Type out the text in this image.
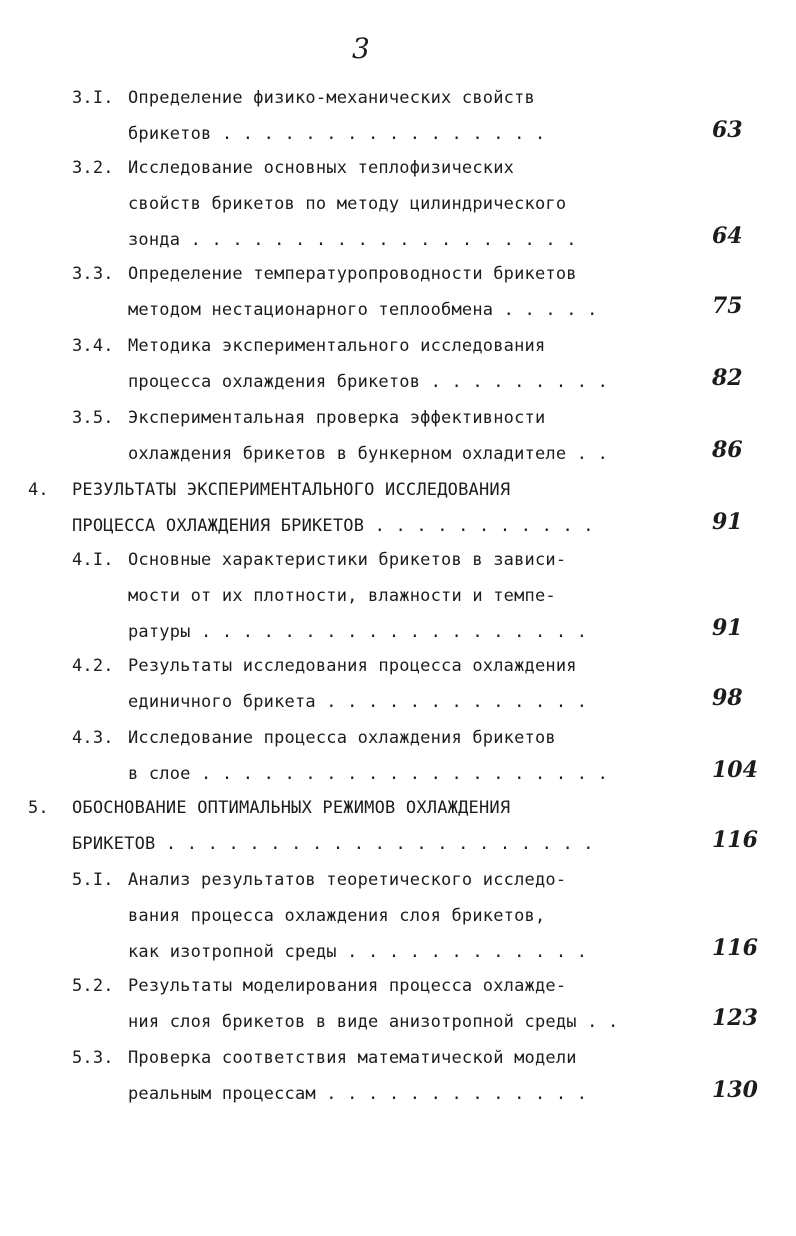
3
3.I. Определение физико-механических свойств
брикетов . . . . . . . . . . . . . . . .	63
3.2. Исследование основных теплофизических
свойств брикетов по методу цилиндрического
зонда . . . . . . . . . . . . . . . . . . .	64
3.3. Определение температуропроводности брикетов
методом нестационарного теплообмена . . . . .	75
3.4. Методика экспериментального исследования
процесса охлаждения брикетов . . . . . . . . .	82
3.5. Экспериментальная проверка эффективности
охлаждения брикетов в бункерном охладителе . .	86
4. РЕЗУЛЬТАТЫ ЭКСПЕРИМЕНТАЛЬНОГО ИССЛЕДОВАНИЯ
ПРОЦЕССА ОХЛАЖДЕНИЯ БРИКЕТОВ . . . . . . . . . . .	91
4.I. Основные характеристики брикетов в зависи-
мости от их плотности, влажности и темпе-
ратуры . . . . . . . . . . . . . . . . . . .	91
4.2. Результаты исследования процесса охлаждения
единичного брикета . . . . . . . . . . . . .	98
4.3. Исследование процесса охлаждения брикетов
в слое . . . . . . . . . . . . . . . . . . . .	104
5. ОБОСНОВАНИЕ ОПТИМАЛЬНЫХ РЕЖИМОВ ОХЛАЖДЕНИЯ
БРИКЕТОВ . . . . . . . . . . . . . . . . . . . . .	116
5.I. Анализ результатов теоретического исследо-
вания процесса охлаждения слоя брикетов,
как изотропной среды . . . . . . . . . . . .	116
5.2. Результаты моделирования процесса охлажде-
ния слоя брикетов в виде анизотропной среды . .	123
5.3. Проверка соответствия математической модели
реальным процессам . . . . . . . . . . . . .	130
